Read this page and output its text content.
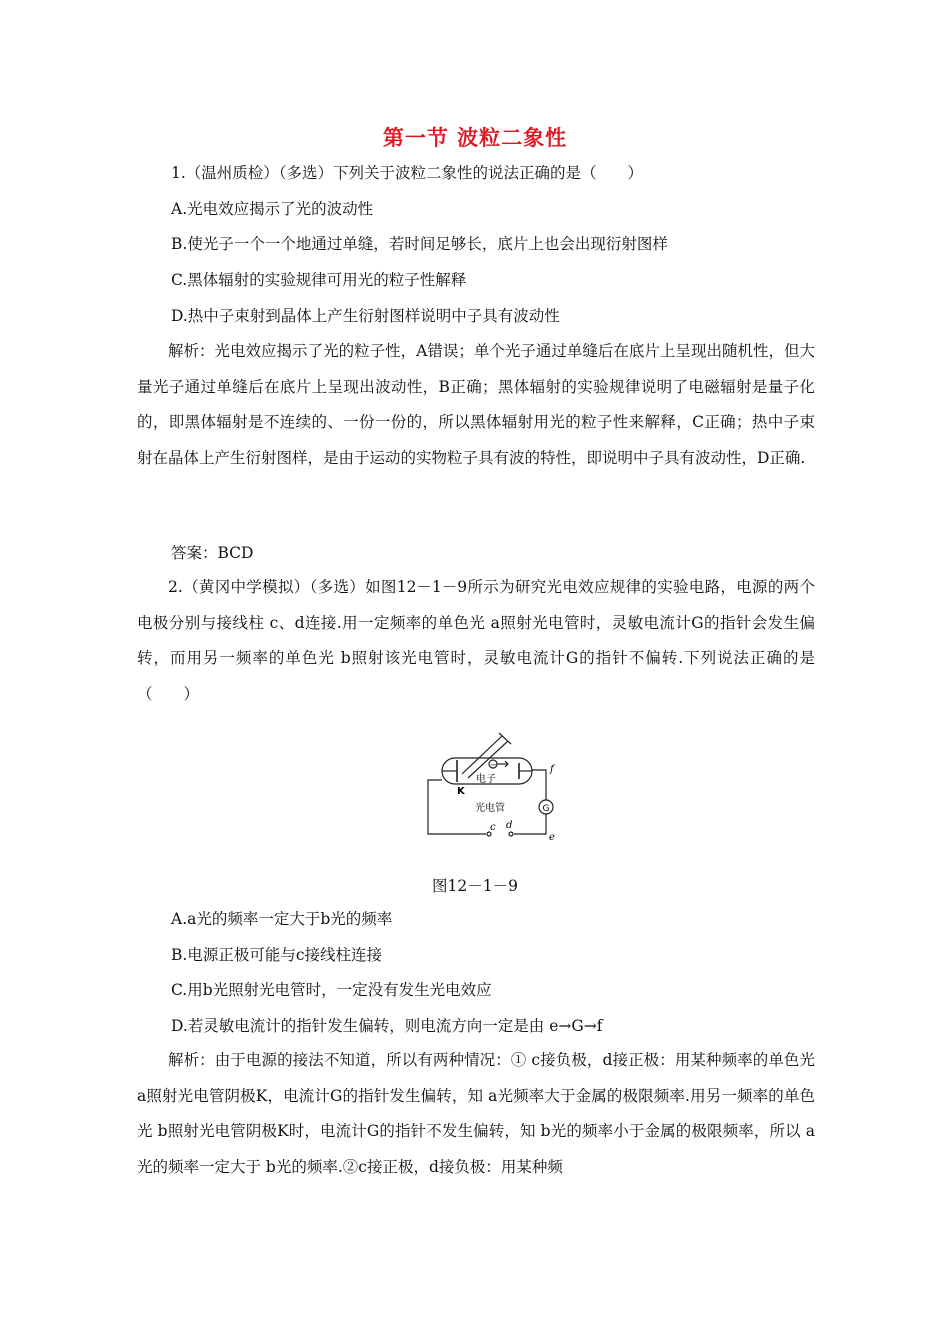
第一节 波粒二象性
1.（温州质检）（多选）下列关于波粒二象性的说法正确的是（　　）
A.光电效应揭示了光的波动性
B.使光子一个一个地通过单缝，若时间足够长，底片上也会出现衍射图样
C.黑体辐射的实验规律可用光的粒子性解释
D.热中子束射到晶体上产生衍射图样说明中子具有波动性

解析：光电效应揭示了光的粒子性，A错误；单个光子通过单缝后在底片上呈现出随机性，但大量光子通过单缝后在底片上呈现出波动性，B正确；黑体辐射的实验规律说明了电磁辐射是量子化的，即黑体辐射是不连续的、一份一份的，所以黑体辐射用光的粒子性来解释，C正确；热中子束射在晶体上产生衍射图样，是由于运动的实物粒子具有波的特性，即说明中子具有波动性，D正确.

答案：BCD

2.（黄冈中学模拟）（多选）如图12－1－9所示为研究光电效应规律的实验电路，电源的两个电极分别与接线柱 c、d连接.用一定频率的单色光 a照射光电管时，灵敏电流计G的指针会发生偏转，而用另一频率的单色光 b照射该光电管时，灵敏电流计G的指针不偏转.下列说法正确的是　（　　）

K
电子
光电管	G
f
e
c d
−
图12－1－9
A.a光的频率一定大于b光的频率
B.电源正极可能与c接线柱连接
C.用b光照射光电管时，一定没有发生光电效应
D.若灵敏电流计的指针发生偏转，则电流方向一定是由 e→G→f

解析：由于电源的接法不知道，所以有两种情况：① c接负极，d接正极：用某种频率的单色光 a照射光电管阴极K，电流计G的指针发生偏转，知 a光频率大于金属的极限频率.用另一频率的单色光 b照射光电管阴极K时，电流计G的指针不发生偏转，知 b光的频率小于金属的极限频率，所以 a光的频率一定大于 b光的频率.②c接正极，d接负极：用某种频
